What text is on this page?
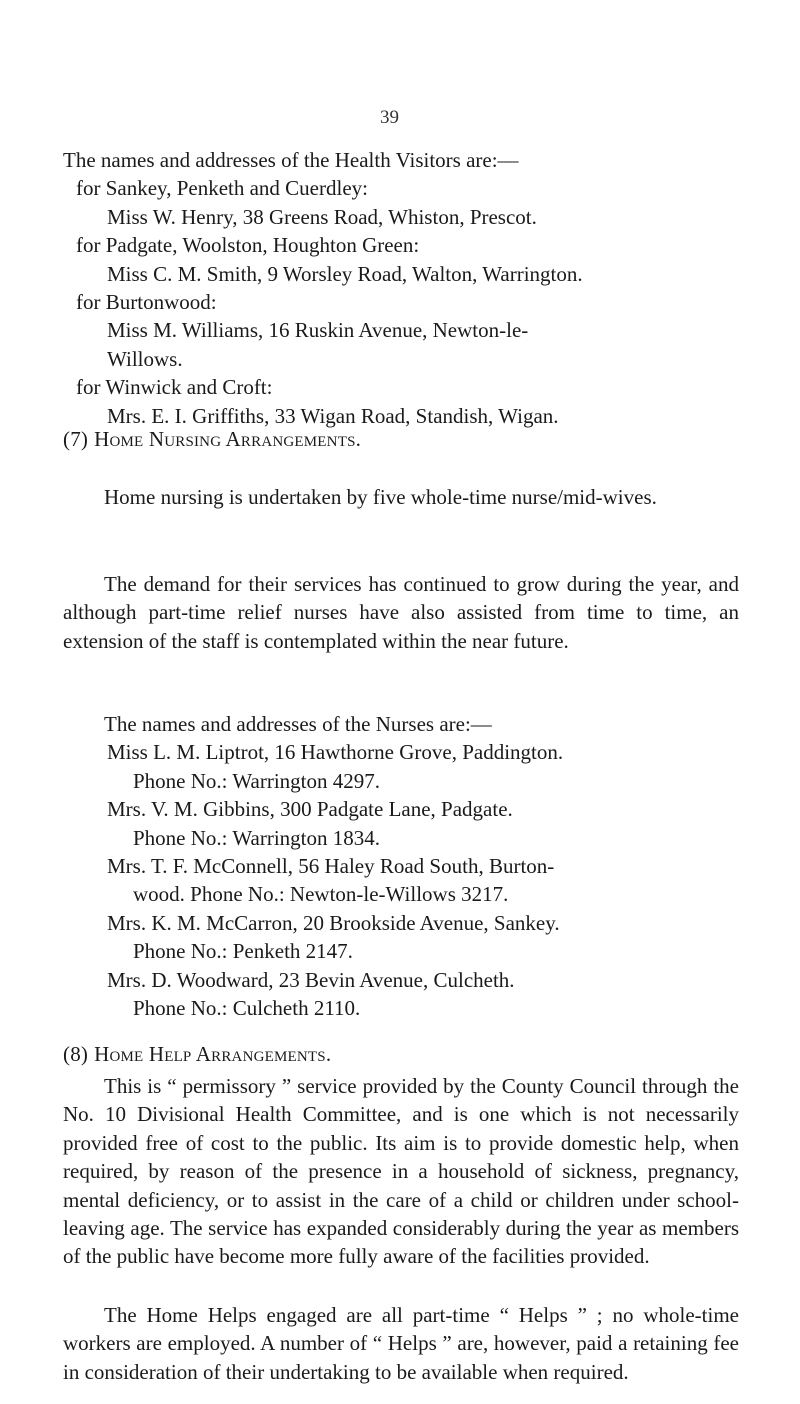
39
The names and addresses of the Health Visitors are:—
for Sankey, Penketh and Cuerdley:
Miss W. Henry, 38 Greens Road, Whiston, Prescot.
for Padgate, Woolston, Houghton Green:
Miss C. M. Smith, 9 Worsley Road, Walton, Warrington.
for Burtonwood:
Miss M. Williams, 16 Ruskin Avenue, Newton-le-
Willows.
for Winwick and Croft:
Mrs. E. I. Griffiths, 33 Wigan Road, Standish, Wigan.
(7) Home Nursing Arrangements.
Home nursing is undertaken by five whole-time nurse/mid-wives.
The demand for their services has continued to grow during the year, and although part-time relief nurses have also assisted from time to time, an extension of the staff is contemplated within the near future.
The names and addresses of the Nurses are:—
Miss L. M. Liptrot, 16 Hawthorne Grove, Paddington.
Phone No.: Warrington 4297.
Mrs. V. M. Gibbins, 300 Padgate Lane, Padgate.
Phone No.: Warrington 1834.
Mrs. T. F. McConnell, 56 Haley Road South, Burton-
wood. Phone No.: Newton-le-Willows 3217.
Mrs. K. M. McCarron, 20 Brookside Avenue, Sankey.
Phone No.: Penketh 2147.
Mrs. D. Woodward, 23 Bevin Avenue, Culcheth.
Phone No.: Culcheth 2110.
(8) Home Help Arrangements.
This is “ permissory ” service provided by the County Council through the No. 10 Divisional Health Committee, and is one which is not necessarily provided free of cost to the public. Its aim is to provide domestic help, when required, by reason of the presence in a household of sickness, pregnancy, mental deficiency, or to assist in the care of a child or children under school-leaving age. The service has expanded considerably during the year as members of the public have become more fully aware of the facilities provided.
The Home Helps engaged are all part-time “ Helps ” ; no whole-time workers are employed. A number of “ Helps ” are, however, paid a retaining fee in consideration of their undertaking to be available when required.
